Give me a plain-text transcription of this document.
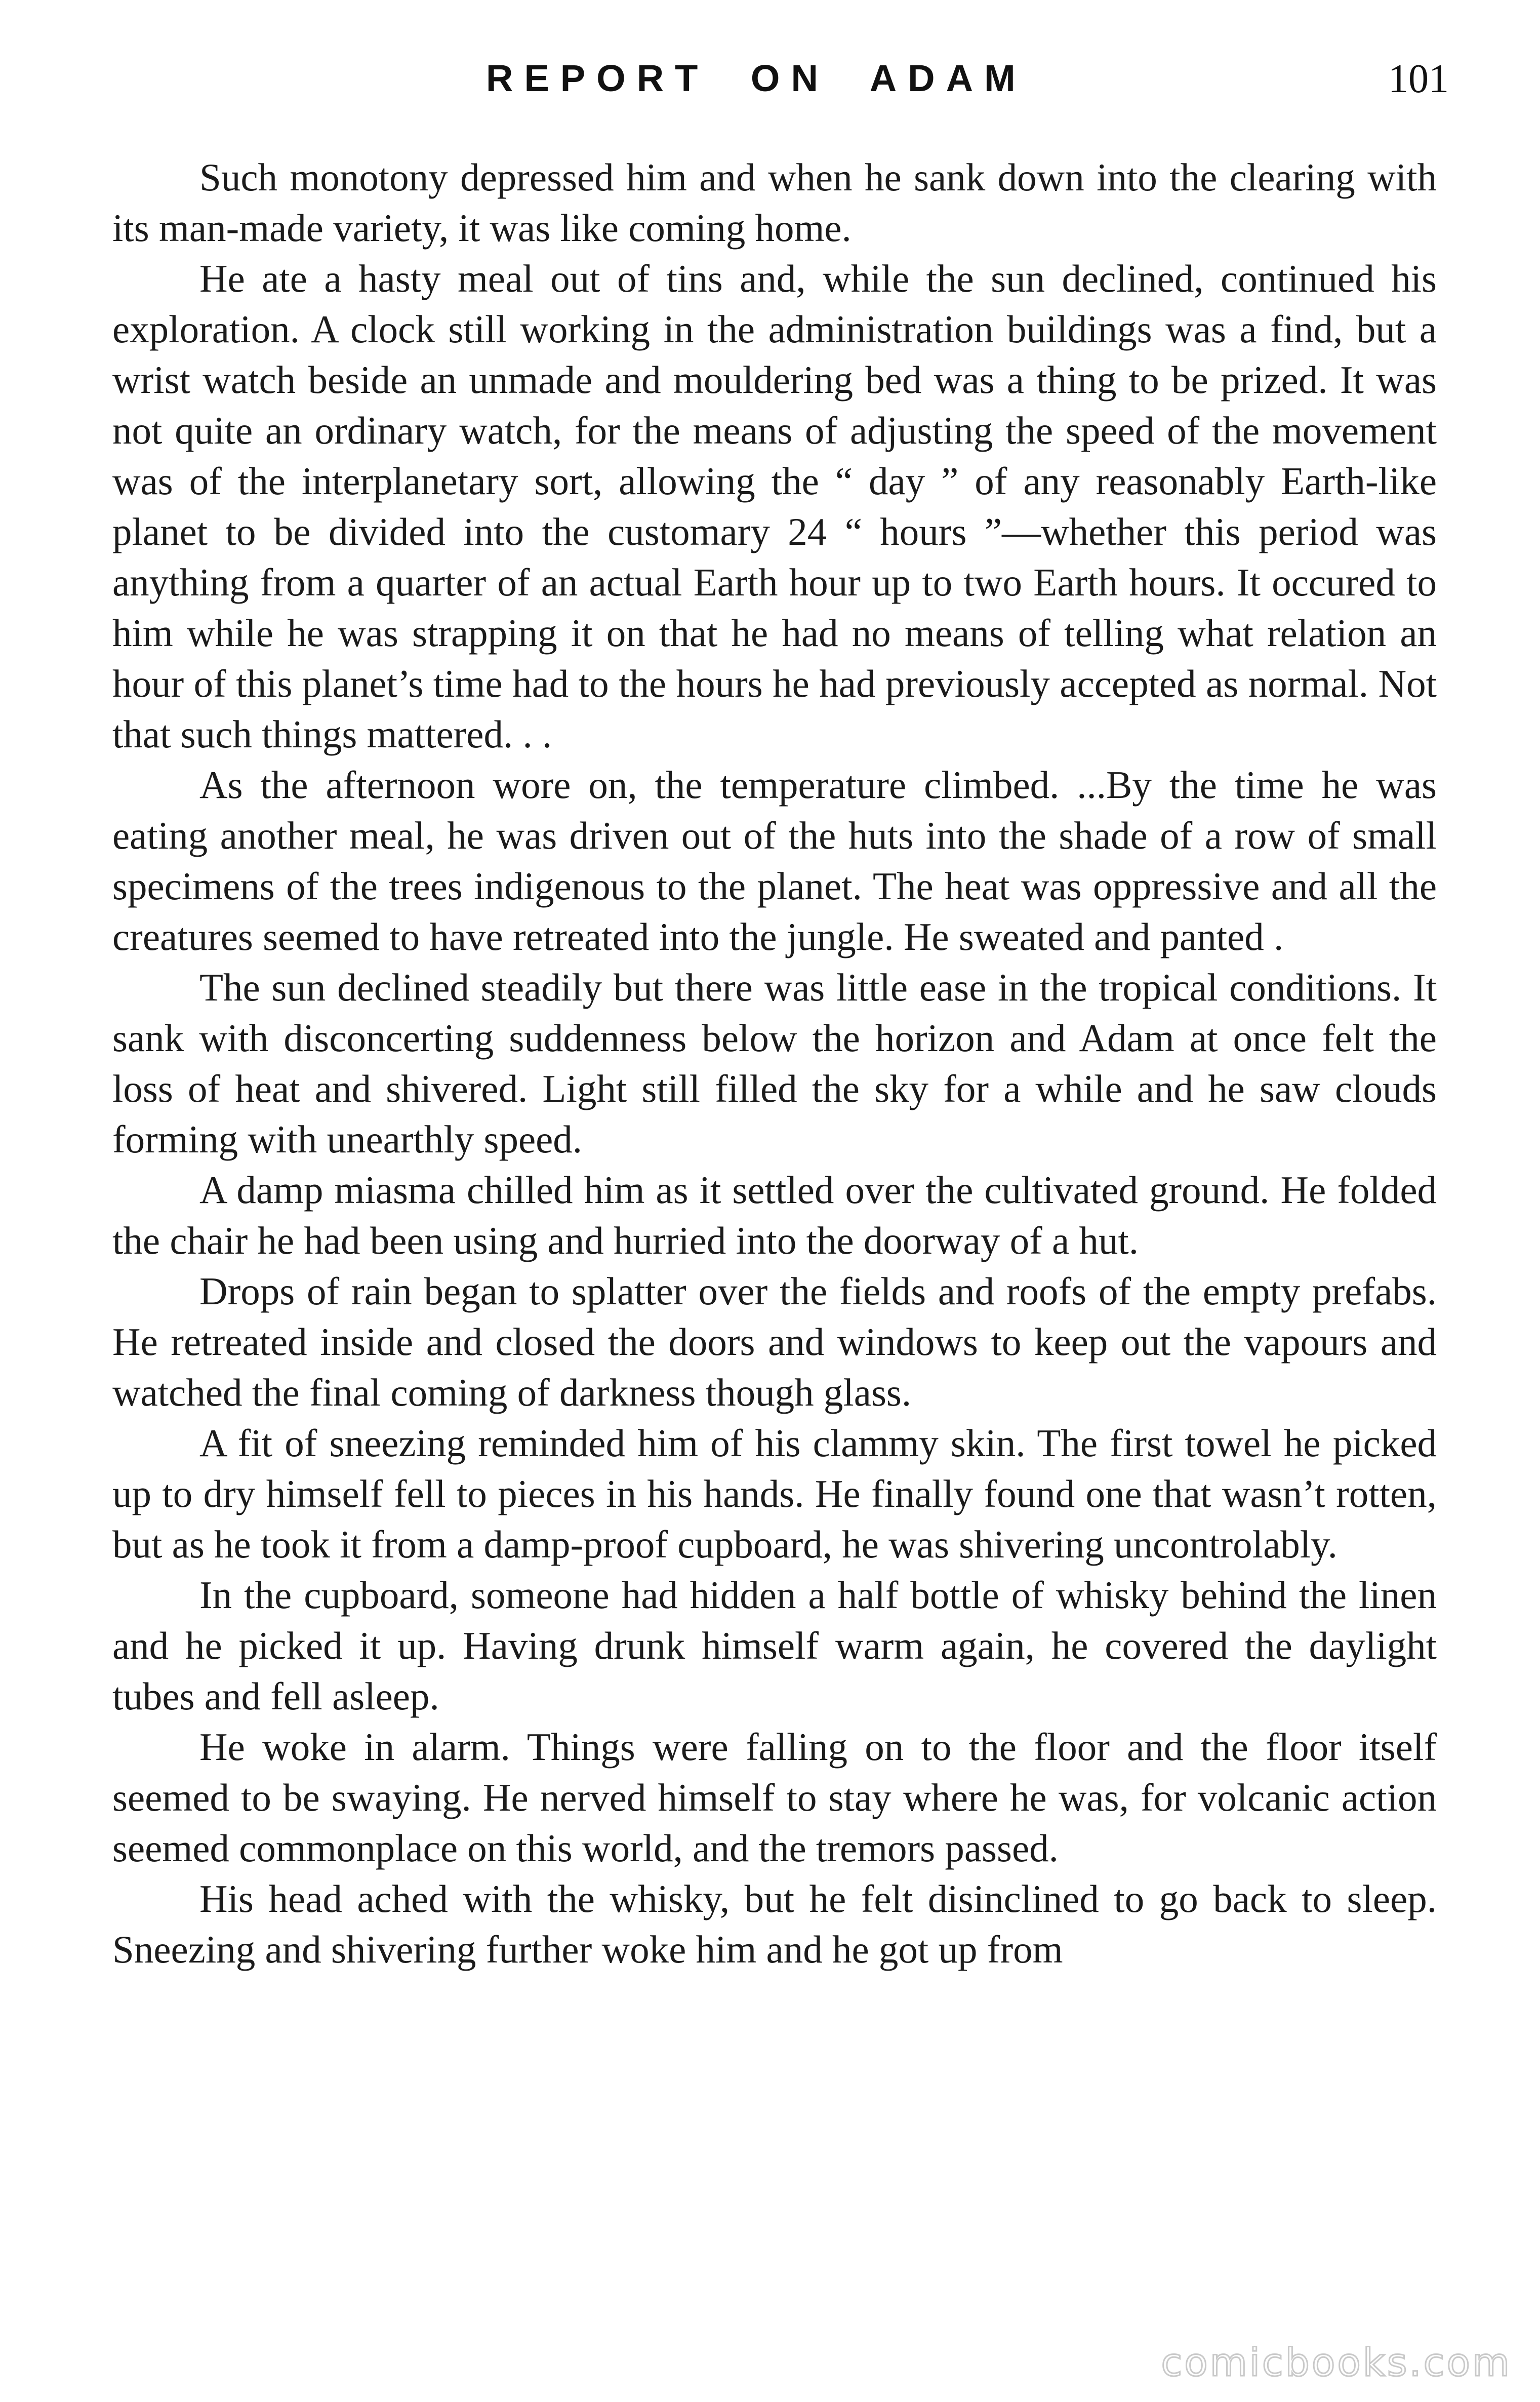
REPORT ON ADAM	101

Such monotony depressed him and when he sank down into the clearing with its man-made variety, it was like coming home.

He ate a hasty meal out of tins and, while the sun declined, continued his exploration. A clock still working in the administration buildings was a find, but a wrist watch beside an unmade and mouldering bed was a thing to be prized. It was not quite an ordinary watch, for the means of adjusting the speed of the movement was of the interplanetary sort, allowing the “ day ” of any reasonably Earth-like planet to be divided into the customary 24 “ hours ”—whether this period was anything from a quarter of an actual Earth hour up to two Earth hours. It occured to him while he was strapping it on that he had no means of telling what relation an hour of this planet’s time had to the hours he had previously accepted as normal. Not that such things mattered. . .

As the afternoon wore on, the temperature climbed. ...By the time he was eating another meal, he was driven out of the huts into the shade of a row of small specimens of the trees indigenous to the planet. The heat was oppressive and all the creatures seemed to have retreated into the jungle. He sweated and panted .

The sun declined steadily but there was little ease in the tropical conditions. It sank with disconcerting suddenness below the horizon and Adam at once felt the loss of heat and shivered. Light still filled the sky for a while and he saw clouds forming with unearthly speed.

A damp miasma chilled him as it settled over the cultivated ground. He folded the chair he had been using and hurried into the doorway of a hut.

Drops of rain began to splatter over the fields and roofs of the empty prefabs. He retreated inside and closed the doors and windows to keep out the vapours and watched the final coming of darkness though glass.

A fit of sneezing reminded him of his clammy skin. The first towel he picked up to dry himself fell to pieces in his hands. He finally found one that wasn’t rotten, but as he took it from a damp-proof cupboard, he was shivering uncontrolably.

In the cupboard, someone had hidden a half bottle of whisky behind the linen and he picked it up. Having drunk himself warm again, he covered the daylight tubes and fell asleep.

He woke in alarm. Things were falling on to the floor and the floor itself seemed to be swaying. He nerved himself to stay where he was, for volcanic action seemed commonplace on this world, and the tremors passed.

His head ached with the whisky, but he felt disinclined to go back to sleep. Sneezing and shivering further woke him and he got up from

comicbooks.com
